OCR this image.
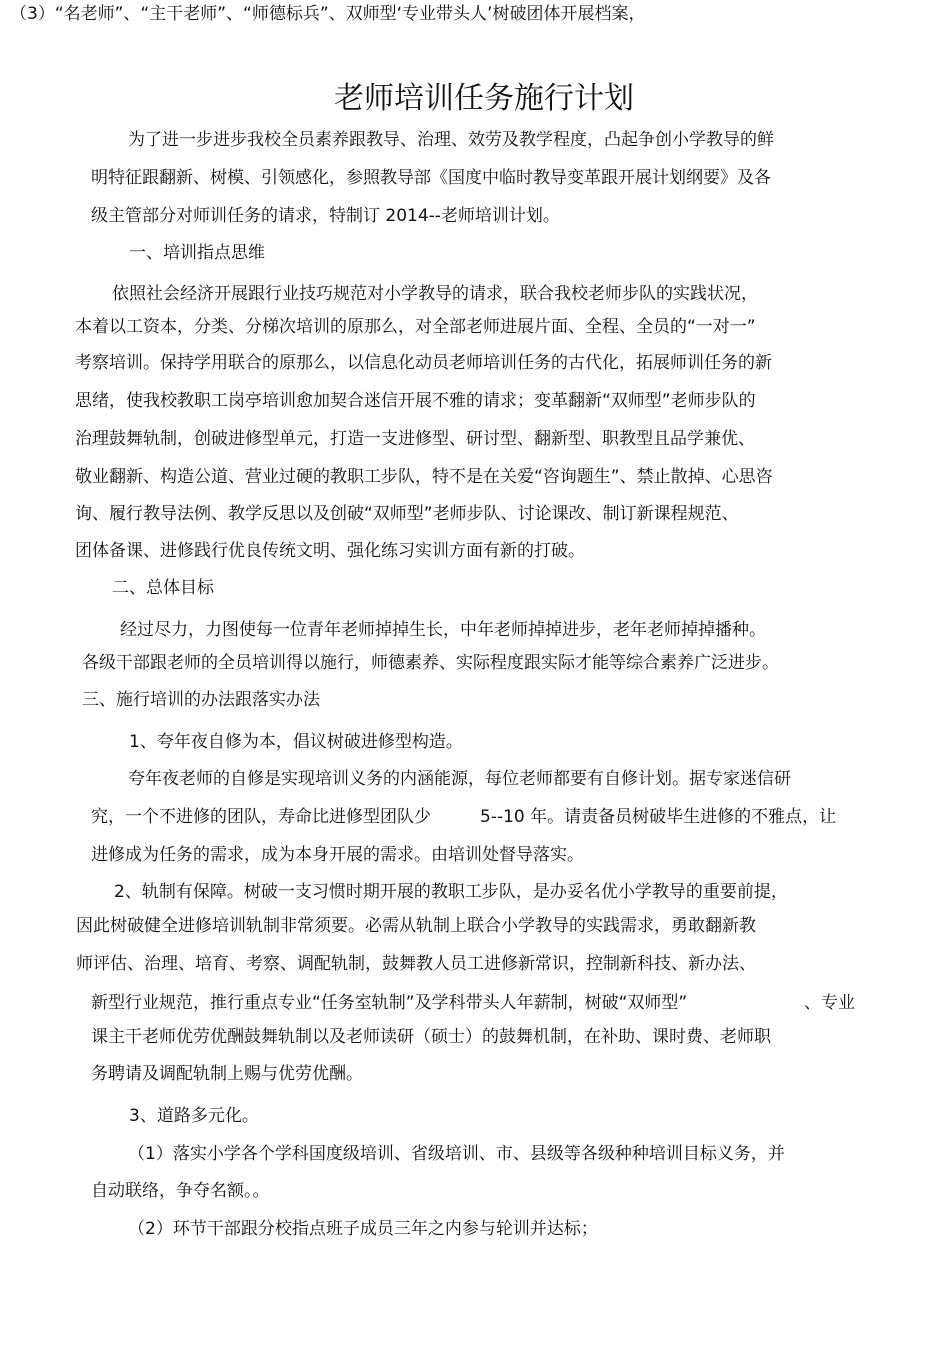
（3）“名老师”、“主干老师”、“师德标兵”、双师型‘专业带头人’树破团体开展档案，

老师培训任务施行计划

为了进一步进步我校全员素养跟教导、治理、效劳及教学程度，凸起争创小学教导的鲜

明特征跟翻新、树模、引领感化，参照教导部《国度中临时教导变革跟开展计划纲要》及各

级主管部分对师训任务的请求，特制订 2014--老师培训计划。

一、培训指点思维

依照社会经济开展跟行业技巧规范对小学教导的请求，联合我校老师步队的实践状况，

本着以工资本，分类、分梯次培训的原那么，对全部老师进展片面、全程、全员的“一对一”

考察培训。保持学用联合的原那么，以信息化动员老师培训任务的古代化，拓展师训任务的新

思绪，使我校教职工岗亭培训愈加契合迷信开展不雅的请求；变革翻新“双师型”老师步队的

治理鼓舞轨制，创破进修型单元，打造一支进修型、研讨型、翻新型、职教型且品学兼优、

敬业翻新、构造公道、营业过硬的教职工步队，特不是在关爱“咨询题生”、禁止散掉、心思咨

询、履行教导法例、教学反思以及创破“双师型”老师步队、讨论课改、制订新课程规范、

团体备课、进修践行优良传统文明、强化练习实训方面有新的打破。

二、总体目标

经过尽力，力图使每一位青年老师掉掉生长，中年老师掉掉进步，老年老师掉掉播种。

各级干部跟老师的全员培训得以施行，师德素养、实际程度跟实际才能等综合素养广泛进步。

三、施行培训的办法跟落实办法

1、夸年夜自修为本，倡议树破进修型构造。

夸年夜老师的自修是实现培训义务的内涵能源，每位老师都要有自修计划。据专家迷信研

究，一个不进修的团队，寿命比进修型团队少	5--10 年。请责备员树破毕生进修的不雅点，让

进修成为任务的需求，成为本身开展的需求。由培训处督导落实。

2、轨制有保障。树破一支习惯时期开展的教职工步队，是办妥名优小学教导的重要前提，

因此树破健全进修培训轨制非常须要。必需从轨制上联合小学教导的实践需求，勇敢翻新教

师评估、治理、培育、考察、调配轨制，鼓舞教人员工进修新常识，控制新科技、新办法、

新型行业规范，推行重点专业“任务室轨制”及学科带头人年薪制，树破“双师型”	、专业

课主干老师优劳优酬鼓舞轨制以及老师读研（硕士）的鼓舞机制，在补助、课时费、老师职

务聘请及调配轨制上赐与优劳优酬。

3、道路多元化。

（1）落实小学各个学科国度级培训、省级培训、市、县级等各级种种培训目标义务，并

自动联络，争夺名额。。

（2）环节干部跟分校指点班子成员三年之内参与轮训并达标；
